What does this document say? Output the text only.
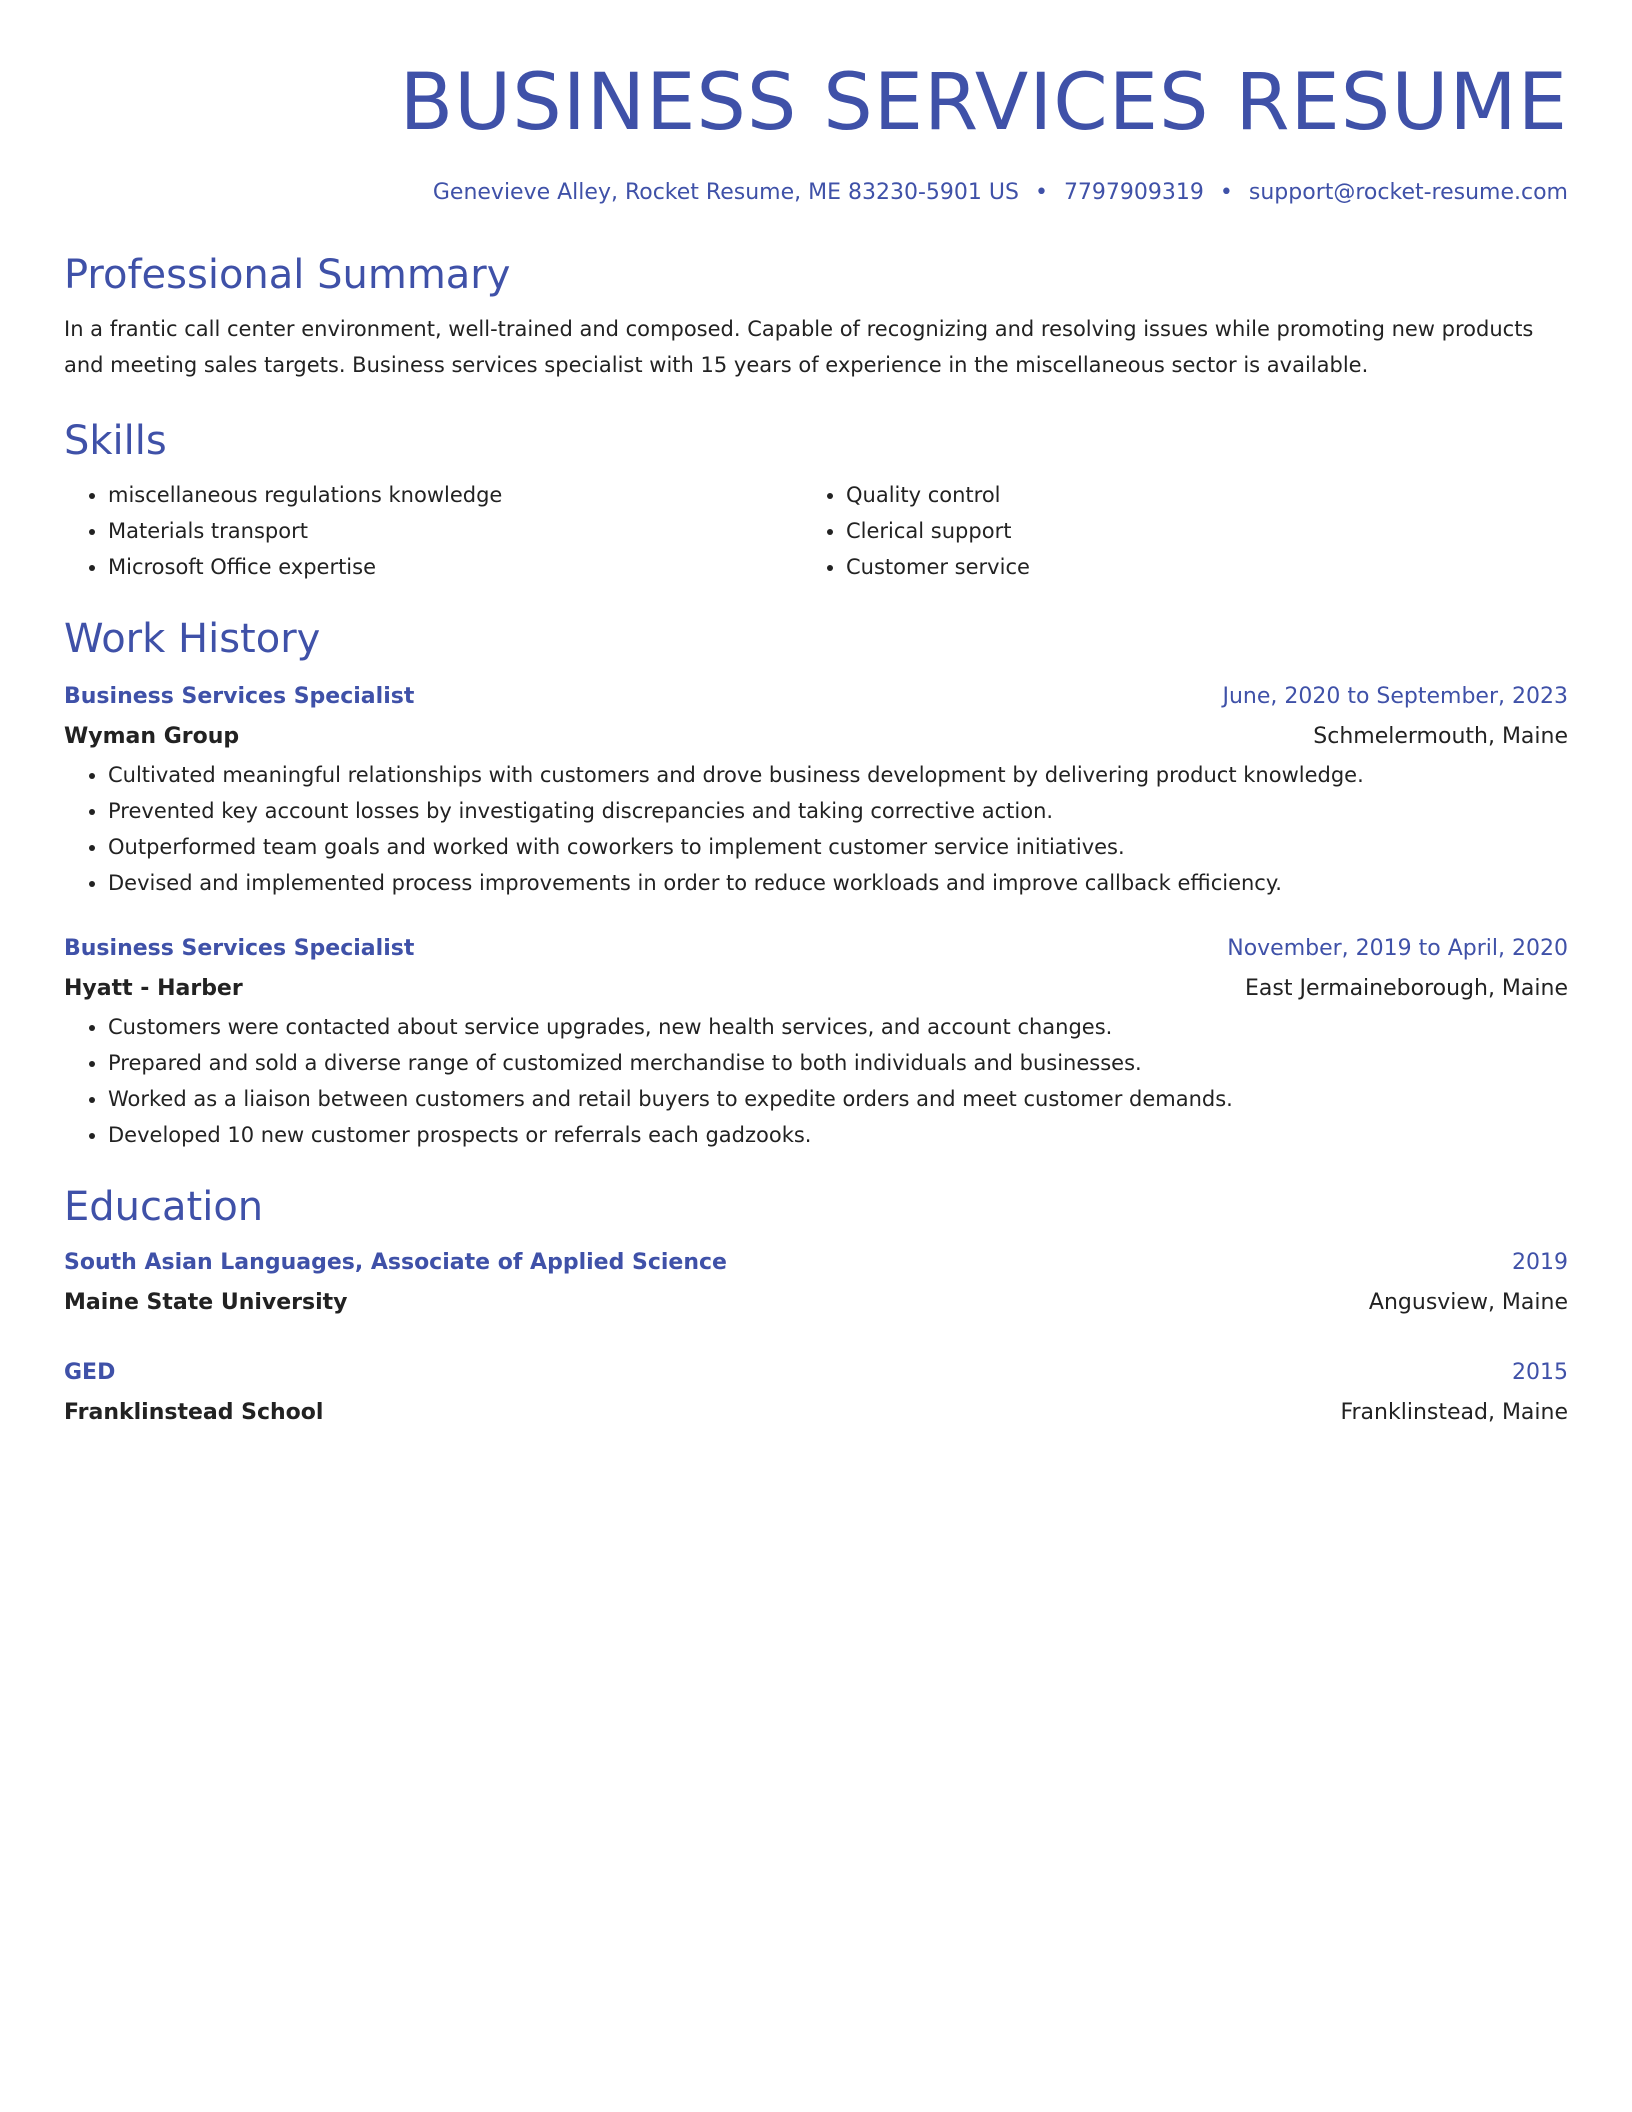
BUSINESS SERVICES RESUME
Genevieve Alley, Rocket Resume, ME 83230-5901 US • 7797909319 • support@rocket-resume.com
Professional Summary

In a frantic call center environment, well-trained and composed. Capable of recognizing and resolving issues while promoting new products and meeting sales targets. Business services specialist with 15 years of experience in the miscellaneous sector is available.

Skills
• miscellaneous regulations knowledge
• Materials transport
• Microsoft Office expertise
• Quality control
• Clerical support
• Customer service
Work History
Business Services Specialist	June, 2020 to September, 2023
Wyman Group	Schmelermouth, Maine
• Cultivated meaningful relationships with customers and drove business development by delivering product knowledge.
• Prevented key account losses by investigating discrepancies and taking corrective action.
• Outperformed team goals and worked with coworkers to implement customer service initiatives.
• Devised and implemented process improvements in order to reduce workloads and improve callback efficiency.
Business Services Specialist	November, 2019 to April, 2020
Hyatt - Harber	East Jermaineborough, Maine
• Customers were contacted about service upgrades, new health services, and account changes.
• Prepared and sold a diverse range of customized merchandise to both individuals and businesses.
• Worked as a liaison between customers and retail buyers to expedite orders and meet customer demands.
• Developed 10 new customer prospects or referrals each gadzooks.
Education
South Asian Languages, Associate of Applied Science	2019
Maine State University	Angusview, Maine
GED	2015
Franklinstead School	Franklinstead, Maine
